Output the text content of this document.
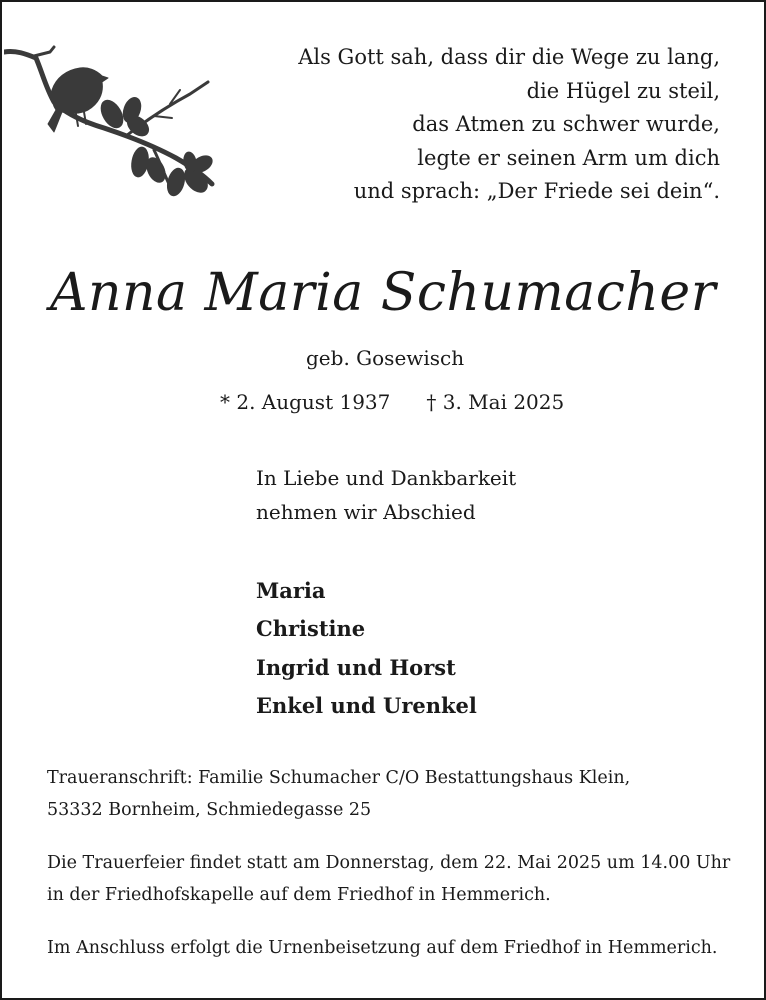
Als Gott sah, dass dir die Wege zu lang,
die Hügel zu steil,
das Atmen zu schwer wurde,
legte er seinen Arm um dich
und sprach: „Der Friede sei dein“.
Anna Maria Schumacher
geb. Gosewisch
* 2. August 1937 † 3. Mai 2025
In Liebe und Dankbarkeit
nehmen wir Abschied
Maria
Christine
Ingrid und Horst
Enkel und Urenkel
Traueranschrift: Familie Schumacher C/O Bestattungshaus Klein,
53332 Bornheim, Schmiedegasse 25
Die Trauerfeier findet statt am Donnerstag, dem 22. Mai 2025 um 14.00 Uhr
in der Friedhofskapelle auf dem Friedhof in Hemmerich.
Im Anschluss erfolgt die Urnenbeisetzung auf dem Friedhof in Hemmerich.
